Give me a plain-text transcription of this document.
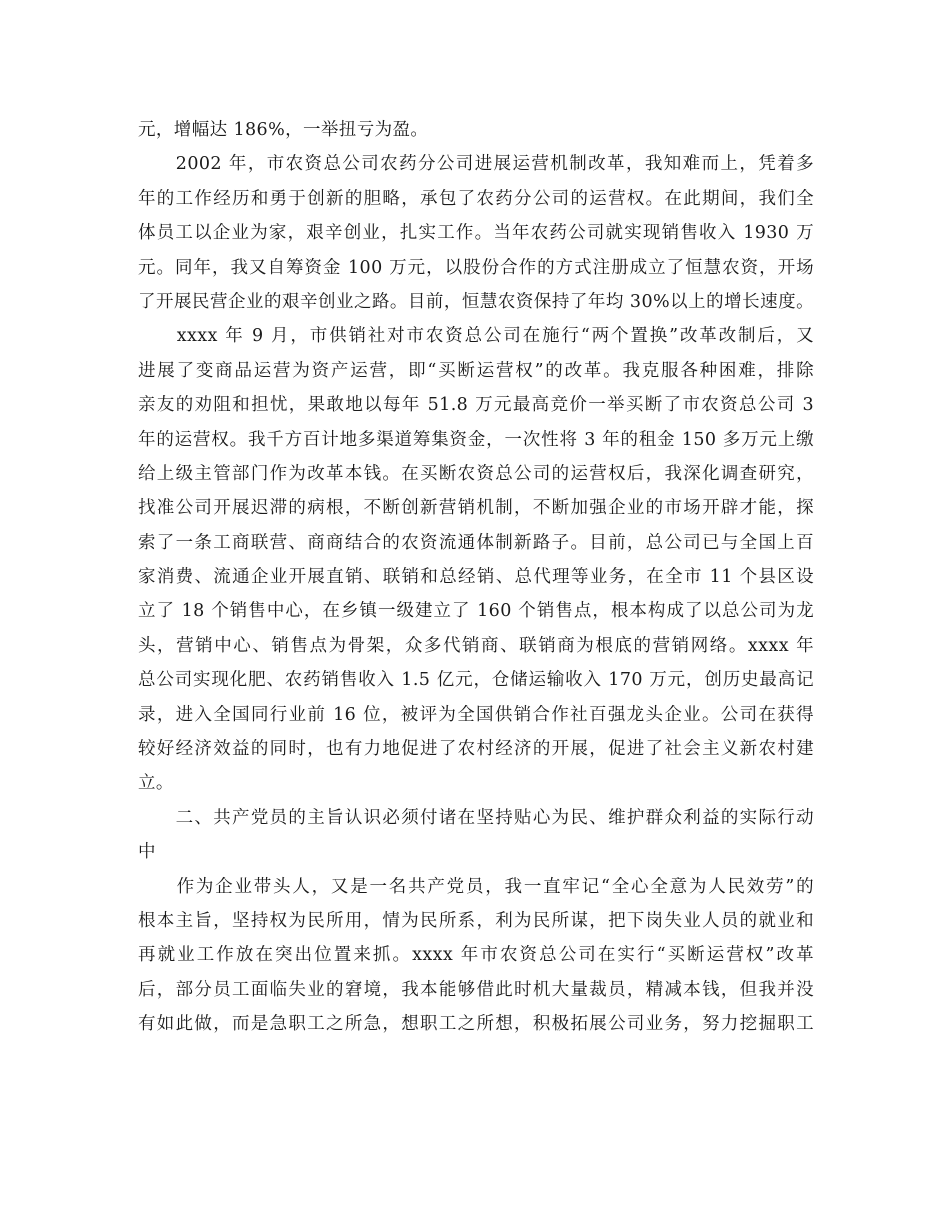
元，增幅达 186%，一举扭亏为盈。
　　2002 年，市农资总公司农药分公司进展运营机制改革，我知难而上，凭着多
年的工作经历和勇于创新的胆略，承包了农药分公司的运营权。在此期间，我们全
体员工以企业为家，艰辛创业，扎实工作。当年农药公司就实现销售收入 1930 万
元。同年，我又自筹资金 100 万元，以股份合作的方式注册成立了恒慧农资，开场
了开展民营企业的艰辛创业之路。目前，恒慧农资保持了年均 30%以上的增长速度。
　　xxxx 年 9 月，市供销社对市农资总公司在施行“两个置换”改革改制后，又
进展了变商品运营为资产运营，即“买断运营权”的改革。我克服各种困难，排除
亲友的劝阻和担忧，果敢地以每年 51.8 万元最高竞价一举买断了市农资总公司 3
年的运营权。我千方百计地多渠道筹集资金，一次性将 3 年的租金 150 多万元上缴
给上级主管部门作为改革本钱。在买断农资总公司的运营权后，我深化调查研究，
找准公司开展迟滞的病根，不断创新营销机制，不断加强企业的市场开辟才能，探
索了一条工商联营、商商结合的农资流通体制新路子。目前，总公司已与全国上百
家消费、流通企业开展直销、联销和总经销、总代理等业务，在全市 11 个县区设
立了 18 个销售中心，在乡镇一级建立了 160 个销售点，根本构成了以总公司为龙
头，营销中心、销售点为骨架，众多代销商、联销商为根底的营销网络。xxxx 年
总公司实现化肥、农药销售收入 1.5 亿元，仓储运输收入 170 万元，创历史最高记
录，进入全国同行业前 16 位，被评为全国供销合作社百强龙头企业。公司在获得
较好经济效益的同时，也有力地促进了农村经济的开展，促进了社会主义新农村建
立。
　　二、共产党员的主旨认识必须付诸在坚持贴心为民、维护群众利益的实际行动
中
　　作为企业带头人，又是一名共产党员，我一直牢记“全心全意为人民效劳”的
根本主旨，坚持权为民所用，情为民所系，利为民所谋，把下岗失业人员的就业和
再就业工作放在突出位置来抓。xxxx 年市农资总公司在实行“买断运营权”改革
后，部分员工面临失业的窘境，我本能够借此时机大量裁员，精减本钱，但我并没
有如此做，而是急职工之所急，想职工之所想，积极拓展公司业务，努力挖掘职工
